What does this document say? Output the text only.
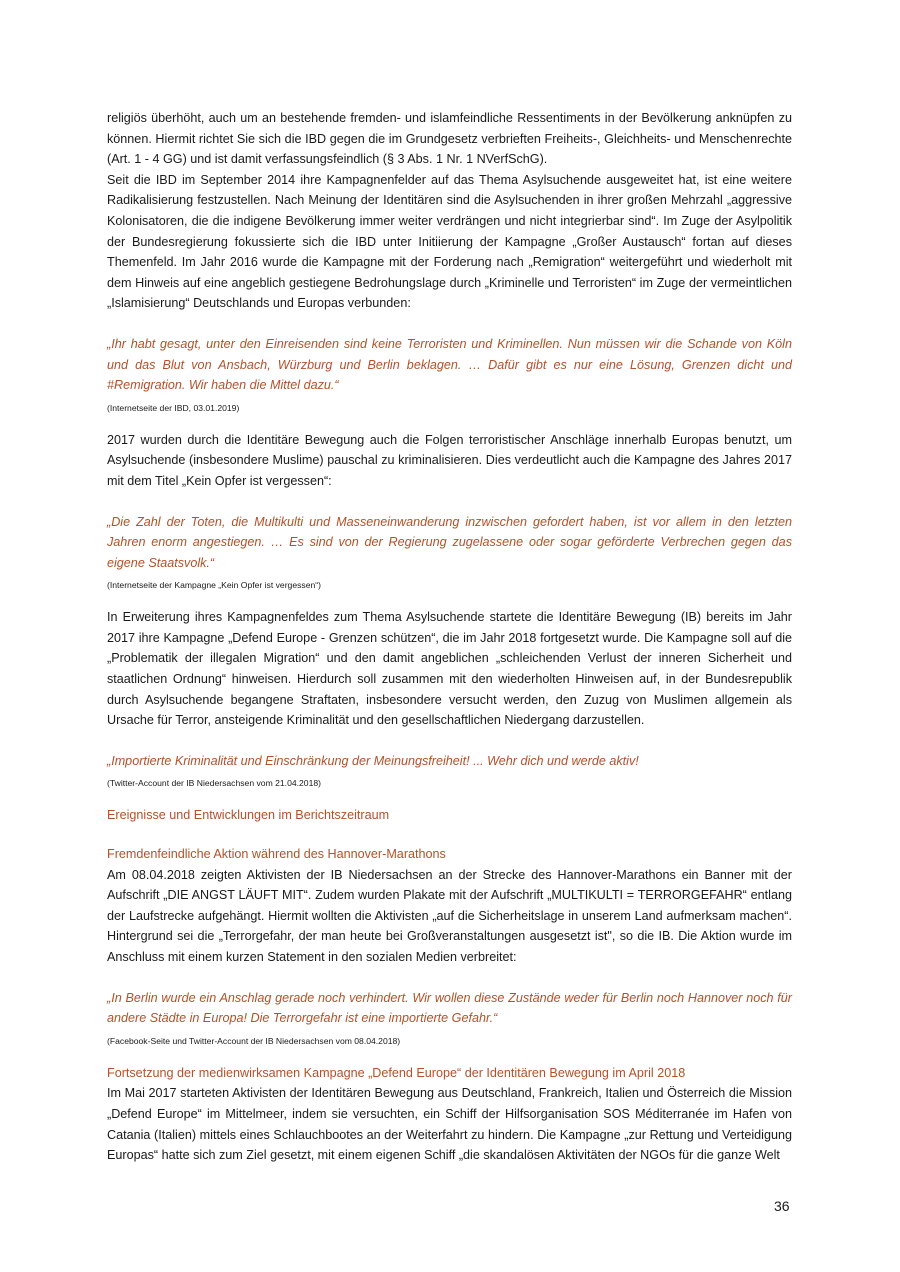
religiös überhöht, auch um an bestehende fremden- und islamfeindliche Ressentiments in der Bevölkerung anknüpfen zu können. Hiermit richtet Sie sich die IBD gegen die im Grundgesetz verbrieften Freiheits-, Gleichheits- und Menschenrechte (Art. 1 - 4 GG) und ist damit verfassungsfeindlich (§ 3 Abs. 1 Nr. 1 NVerfSchG).

Seit die IBD im September 2014 ihre Kampagnenfelder auf das Thema Asylsuchende ausgeweitet hat, ist eine weitere Radikalisierung festzustellen. Nach Meinung der Identitären sind die Asylsuchenden in ihrer großen Mehrzahl „aggressive Kolonisatoren, die die indigene Bevölkerung immer weiter verdrängen und nicht integrierbar sind“. Im Zuge der Asylpolitik der Bundesregierung fokussierte sich die IBD unter Initiierung der Kampagne „Großer Austausch“ fortan auf dieses Themenfeld. Im Jahr 2016 wurde die Kampagne mit der Forderung nach „Remigration“ weitergeführt und wiederholt mit dem Hinweis auf eine angeblich gestiegene Bedrohungslage durch „Kriminelle und Terroristen“ im Zuge der vermeintlichen „Islamisierung“ Deutschlands und Europas verbunden:

„Ihr habt gesagt, unter den Einreisenden sind keine Terroristen und Kriminellen. Nun müssen wir die Schande von Köln und das Blut von Ansbach, Würzburg und Berlin beklagen. … Dafür gibt es nur eine Lösung, Grenzen dicht und #Remigration. Wir haben die Mittel dazu.“

(Internetseite der IBD, 03.01.2019)

2017 wurden durch die Identitäre Bewegung auch die Folgen terroristischer Anschläge innerhalb Europas benutzt, um Asylsuchende (insbesondere Muslime) pauschal zu kriminalisieren. Dies verdeutlicht auch die Kampagne des Jahres 2017 mit dem Titel „Kein Opfer ist vergessen“:

„Die Zahl der Toten, die Multikulti und Masseneinwanderung inzwischen gefordert haben, ist vor allem in den letzten Jahren enorm angestiegen. … Es sind von der Regierung zugelassene oder sogar geförderte Verbrechen gegen das eigene Staatsvolk.“

(Internetseite der Kampagne „Kein Opfer ist vergessen“)

In Erweiterung ihres Kampagnenfeldes zum Thema Asylsuchende startete die Identitäre Bewegung (IB) bereits im Jahr 2017 ihre Kampagne „Defend Europe - Grenzen schützen“, die im Jahr 2018 fortgesetzt wurde. Die Kampagne soll auf die „Problematik der illegalen Migration“ und den damit angeblichen „schleichenden Verlust der inneren Sicherheit und staatlichen Ordnung“ hinweisen. Hierdurch soll zusammen mit den wiederholten Hinweisen auf, in der Bundesrepublik durch Asylsuchende begangene Straftaten, insbesondere versucht werden, den Zuzug von Muslimen allgemein als Ursache für Terror, ansteigende Kriminalität und den gesellschaftlichen Niedergang darzustellen.

„Importierte Kriminalität und Einschränkung der Meinungsfreiheit! ... Wehr dich und werde aktiv!

(Twitter-Account der IB Niedersachsen vom 21.04.2018)

Ereignisse und Entwicklungen im Berichtszeitraum

Fremdenfeindliche Aktion während des Hannover-Marathons

Am 08.04.2018 zeigten Aktivisten der IB Niedersachsen an der Strecke des Hannover-Marathons ein Banner mit der Aufschrift „DIE ANGST LÄUFT MIT“. Zudem wurden Plakate mit der Aufschrift „MULTIKULTI = TERRORGEFAHR“ entlang der Laufstrecke aufgehängt. Hiermit wollten die Aktivisten „auf die Sicherheitslage in unserem Land aufmerksam machen“. Hintergrund sei die „Terrorgefahr, der man heute bei Großveranstaltungen ausgesetzt ist", so die IB. Die Aktion wurde im Anschluss mit einem kurzen Statement in den sozialen Medien verbreitet:

„In Berlin wurde ein Anschlag gerade noch verhindert. Wir wollen diese Zustände weder für Berlin noch Hannover noch für andere Städte in Europa! Die Terrorgefahr ist eine importierte Gefahr.“

(Facebook-Seite und Twitter-Account der IB Niedersachsen vom 08.04.2018)

Fortsetzung der medienwirksamen Kampagne „Defend Europe“ der Identitären Bewegung im April 2018

Im Mai 2017 starteten Aktivisten der Identitären Bewegung aus Deutschland, Frankreich, Italien und Österreich die Mission „Defend Europe“ im Mittelmeer, indem sie versuchten, ein Schiff der Hilfsorganisation SOS Méditerranée im Hafen von Catania (Italien) mittels eines Schlauchbootes an der Weiterfahrt zu hindern. Die Kampagne „zur Rettung und Verteidigung Europas“ hatte sich zum Ziel gesetzt, mit einem eigenen Schiff „die skandalösen Aktivitäten der NGOs für die ganze Welt

36
